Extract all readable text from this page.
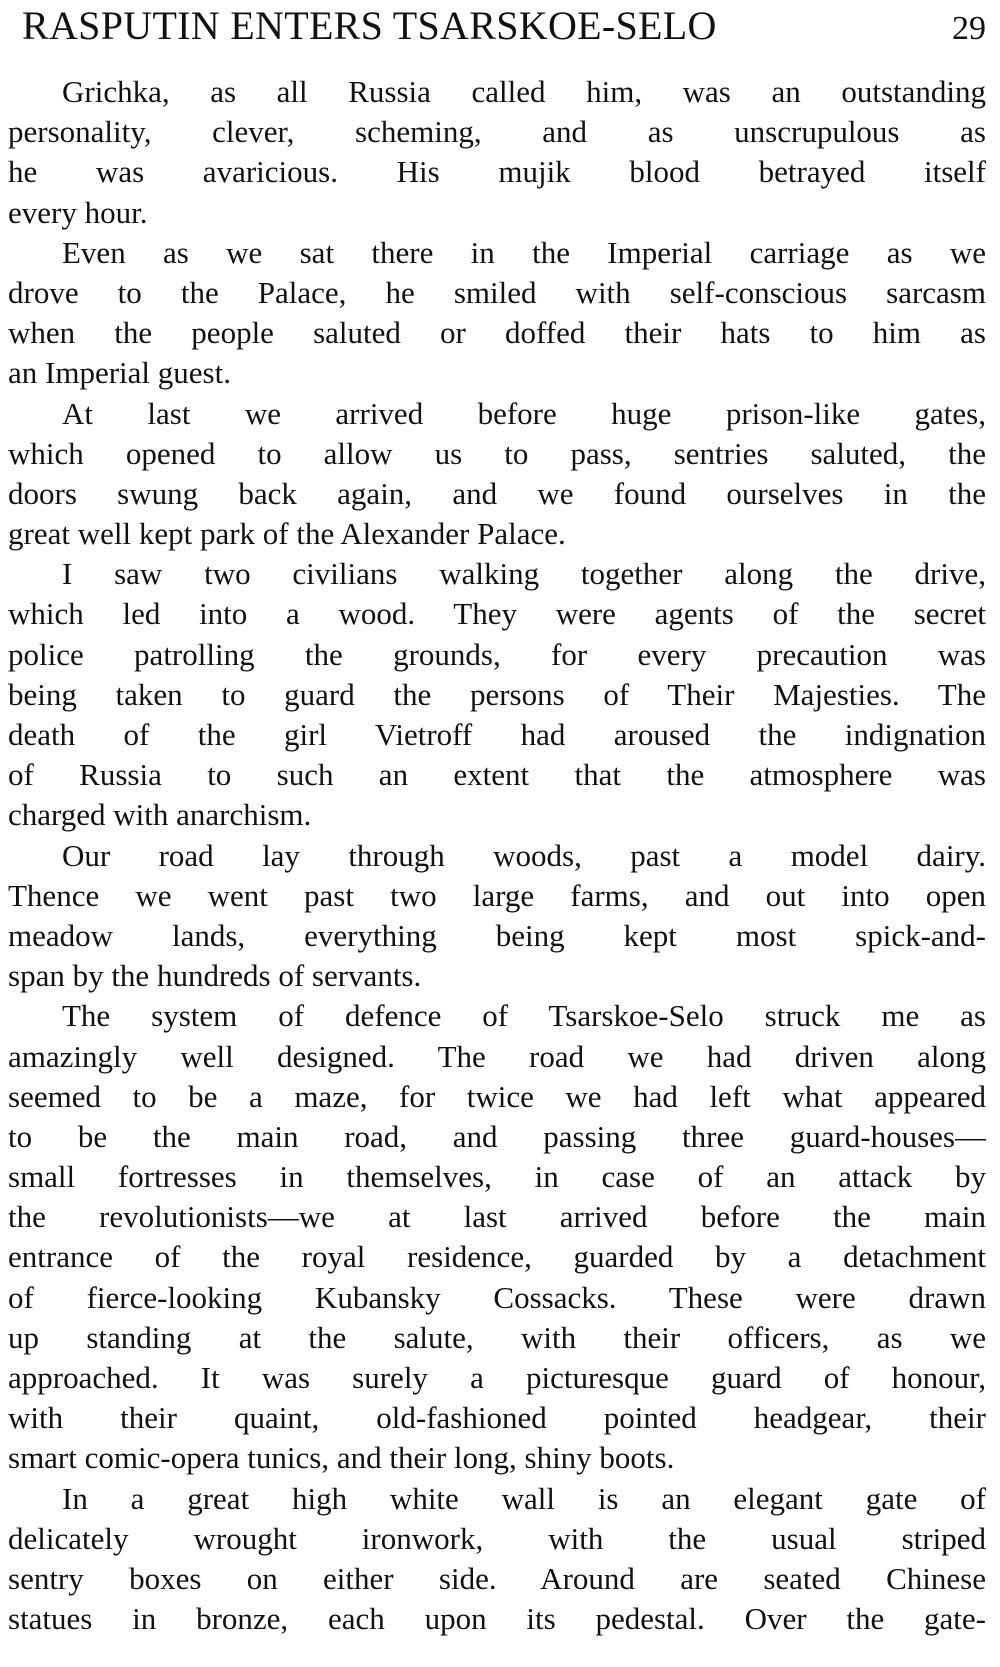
RASPUTIN ENTERS TSARSKOE-SELO	29
Grichka, as all Russia called him, was an outstanding
personality, clever, scheming, and as unscrupulous as
he was avaricious. His mujik blood betrayed itself
every hour.
Even as we sat there in the Imperial carriage as we
drove to the Palace, he smiled with self-conscious sarcasm
when the people saluted or doffed their hats to him as
an Imperial guest.
At last we arrived before huge prison-like gates,
which opened to allow us to pass, sentries saluted, the
doors swung back again, and we found ourselves in the
great well kept park of the Alexander Palace.
I saw two civilians walking together along the drive,
which led into a wood. They were agents of the secret
police patrolling the grounds, for every precaution was
being taken to guard the persons of Their Majesties. The
death of the girl Vietroff had aroused the indignation
of Russia to such an extent that the atmosphere was
charged with anarchism.
Our road lay through woods, past a model dairy.
Thence we went past two large farms, and out into open
meadow lands, everything being kept most spick-and-
span by the hundreds of servants.
The system of defence of Tsarskoe-Selo struck me as
amazingly well designed. The road we had driven along
seemed to be a maze, for twice we had left what appeared
to be the main road, and passing three guard-houses—
small fortresses in themselves, in case of an attack by
the revolutionists—we at last arrived before the main
entrance of the royal residence, guarded by a detachment
of fierce-looking Kubansky Cossacks. These were drawn
up standing at the salute, with their officers, as we
approached. It was surely a picturesque guard of honour,
with their quaint, old-fashioned pointed headgear, their
smart comic-opera tunics, and their long, shiny boots.
In a great high white wall is an elegant gate of
delicately wrought ironwork, with the usual striped
sentry boxes on either side. Around are seated Chinese
statues in bronze, each upon its pedestal. Over the gate-
